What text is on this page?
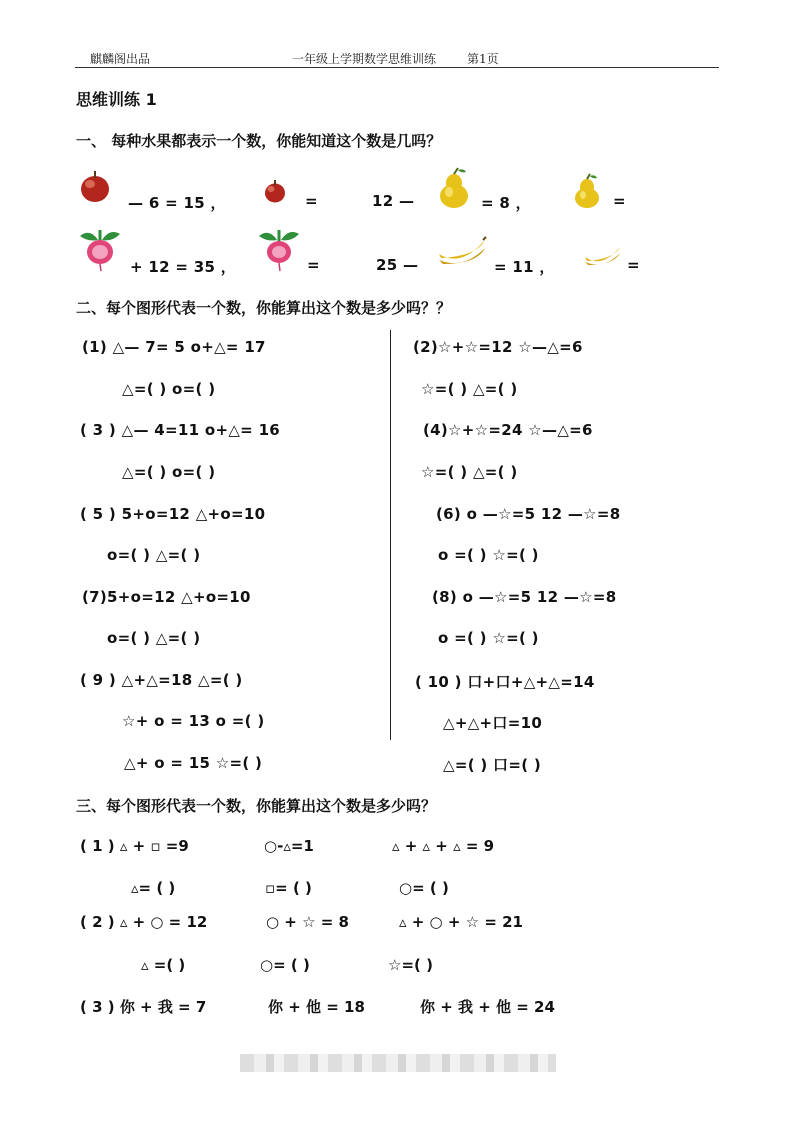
麒麟阁出品	一年级上学期数学思维训练	第1页
思维训练 1
一、 每种水果都表示一个数，你能知道这个数是几吗？
— 6 = 15 ，	=	12 —	= 8 ，	=
+ 12 = 35 ，	=	25 —	= 11 ，	=
二、每个图形代表一个数，你能算出这个数是多少吗？？
(1) △— 7= 5 o+△= 17
△=( ) o=( )
( 3 ) △— 4=11 o+△= 16
△=( ) o=( )
( 5 ) 5+o=12 △+o=10
o=( ) △=( )
(7)5+o=12 △+o=10
o=( ) △=( )
( 9 ) △+△=18 △=( )
☆+ o = 13 o =( )
△+ o = 15 ☆=( )
(2)☆+☆=12 ☆—△=6
☆=( ) △=( )
(4)☆+☆=24 ☆—△=6
☆=( ) △=( )
(6) o —☆=5 12 —☆=8
o =( ) ☆=( )
(8) o —☆=5 12 —☆=8
o =( ) ☆=( )
( 10 ) 口+口+△+△=14
△+△+口=10
△=( ) 口=( )
三、每个图形代表一个数，你能算出这个数是多少吗？
( 1 ) ▵ + ▫ =9	○-▵=1	▵ + ▵ + ▵ = 9
▵= ( )	▫= ( )	○= ( )
( 2 ) ▵ + ○ = 12	○ + ☆ = 8	▵ + ○ + ☆ = 21
▵ =( )	○= ( )	☆=( )
( 3 ) 你 + 我 = 7	你 + 他 = 18	你 + 我 + 他 = 24
